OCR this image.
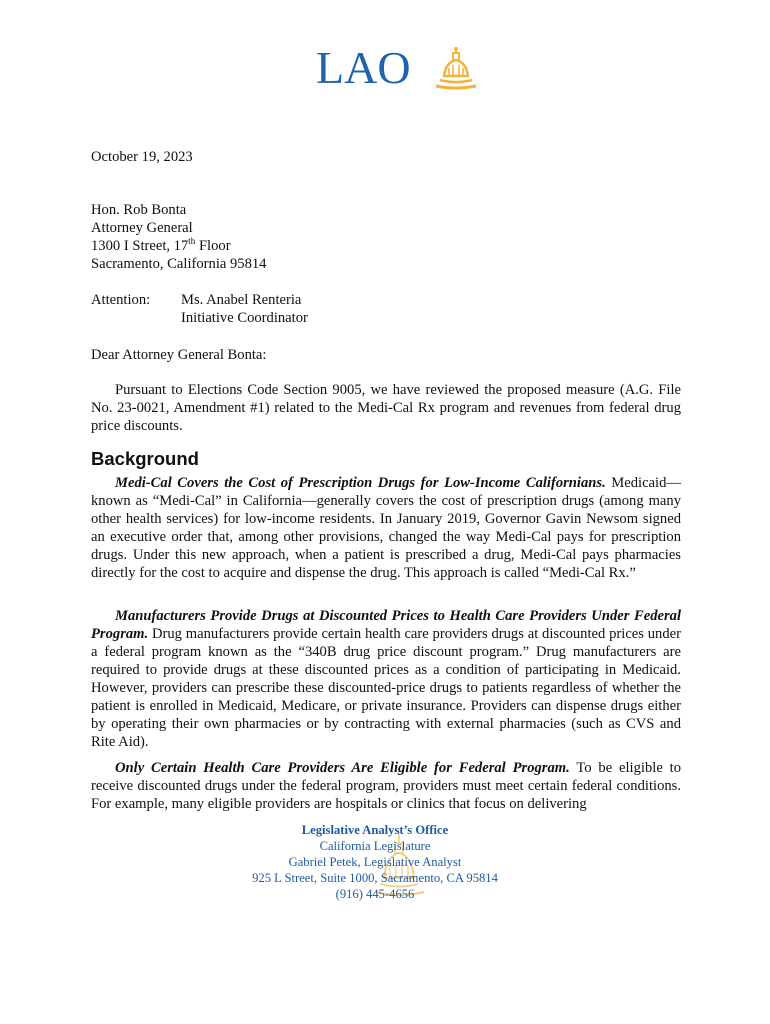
LAO
October 19, 2023
Hon. Rob Bonta
Attorney General
1300 I Street, 17th Floor
Sacramento, California 95814
Attention: Ms. Anabel Renteria
Initiative Coordinator
Dear Attorney General Bonta:
Pursuant to Elections Code Section 9005, we have reviewed the proposed measure (A.G. File No. 23-0021, Amendment #1) related to the Medi-Cal Rx program and revenues from federal drug price discounts.
Background
Medi-Cal Covers the Cost of Prescription Drugs for Low-Income Californians. Medicaid—known as “Medi-Cal” in California—generally covers the cost of prescription drugs (among many other health services) for low-income residents. In January 2019, Governor Gavin Newsom signed an executive order that, among other provisions, changed the way Medi-Cal pays for prescription drugs. Under this new approach, when a patient is prescribed a drug, Medi-Cal pays pharmacies directly for the cost to acquire and dispense the drug. This approach is called “Medi-Cal Rx.”
Manufacturers Provide Drugs at Discounted Prices to Health Care Providers Under Federal Program. Drug manufacturers provide certain health care providers drugs at discounted prices under a federal program known as the “340B drug price discount program.” Drug manufacturers are required to provide drugs at these discounted prices as a condition of participating in Medicaid. However, providers can prescribe these discounted-price drugs to patients regardless of whether the patient is enrolled in Medicaid, Medicare, or private insurance. Providers can dispense drugs either by operating their own pharmacies or by contracting with external pharmacies (such as CVS and Rite Aid).
Only Certain Health Care Providers Are Eligible for Federal Program. To be eligible to receive discounted drugs under the federal program, providers must meet certain federal conditions. For example, many eligible providers are hospitals or clinics that focus on delivering
Legislative Analyst’s Office
California Legislature
Gabriel Petek, Legislative Analyst
925 L Street, Suite 1000, Sacramento, CA 95814
(916) 445-4656
